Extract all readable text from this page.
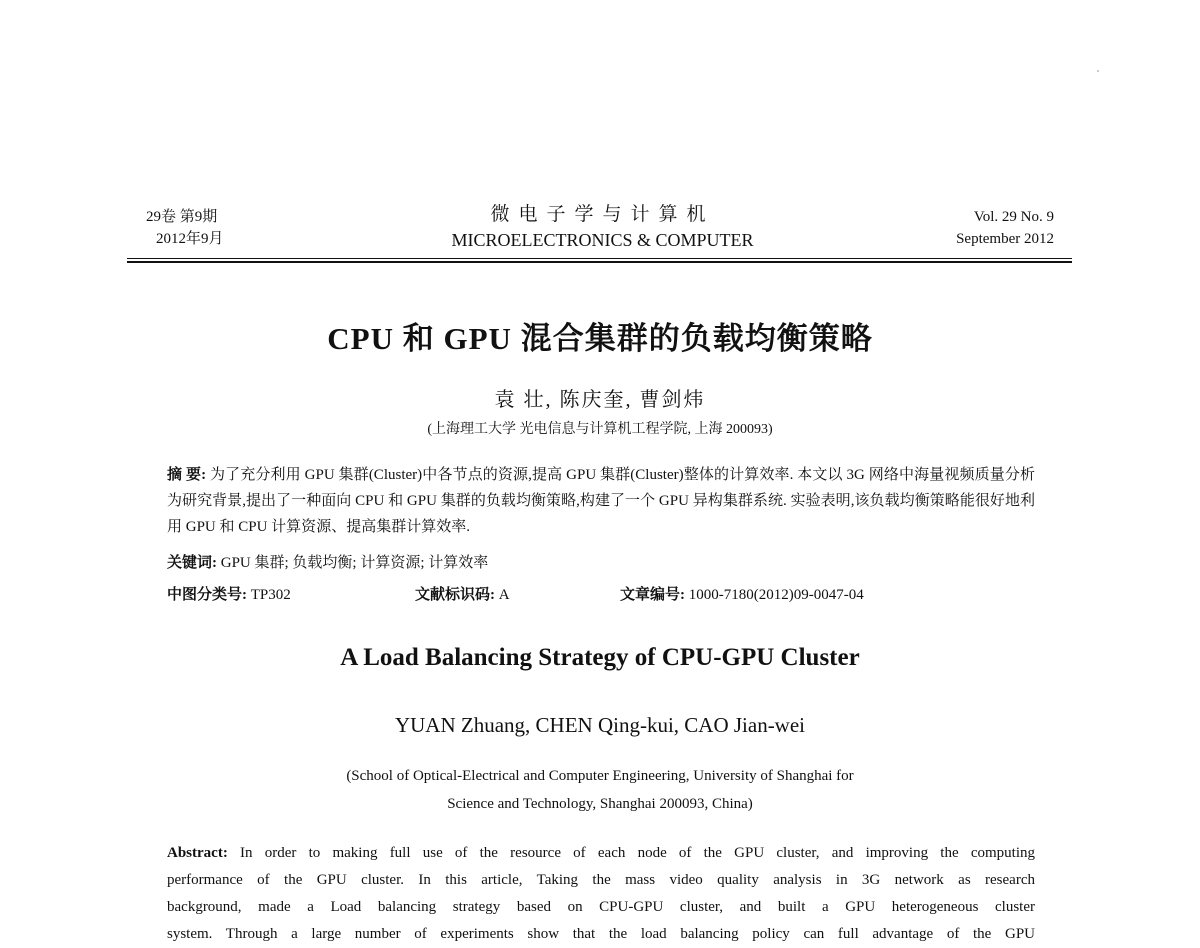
29卷 第9期
2012年9月
微电子学与计算机
MICROELECTRONICS & COMPUTER
Vol. 29 No. 9
September 2012
CPU 和 GPU 混合集群的负载均衡策略
袁 壮, 陈庆奎, 曹剑炜
(上海理工大学 光电信息与计算机工程学院, 上海 200093)
摘 要: 为了充分利用 GPU 集群(Cluster)中各节点的资源,提高 GPU 集群(Cluster)整体的计算效率. 本文以 3G 网络中海量视频质量分析为研究背景,提出了一种面向 CPU 和 GPU 集群的负载均衡策略,构建了一个 GPU 异构集群系统. 实验表明,该负载均衡策略能很好地利用 GPU 和 CPU 计算资源、提高集群计算效率.
关键词: GPU 集群; 负载均衡; 计算资源; 计算效率
中图分类号: TP302	文献标识码: A	文章编号: 1000-7180(2012)09-0047-04
A Load Balancing Strategy of CPU-GPU Cluster
YUAN Zhuang, CHEN Qing-kui, CAO Jian-wei
(School of Optical-Electrical and Computer Engineering, University of Shanghai for
Science and Technology, Shanghai 200093, China)
Abstract: In order to making full use of the resource of each node of the GPU cluster, and improving the computing
performance of the GPU cluster. In this article, Taking the mass video quality analysis in 3G network as research
background, made a Load balancing strategy based on CPU-GPU cluster, and built a GPU heterogeneous cluster
system. Through a large number of experiments show that the load balancing policy can full advantage of the GPU
